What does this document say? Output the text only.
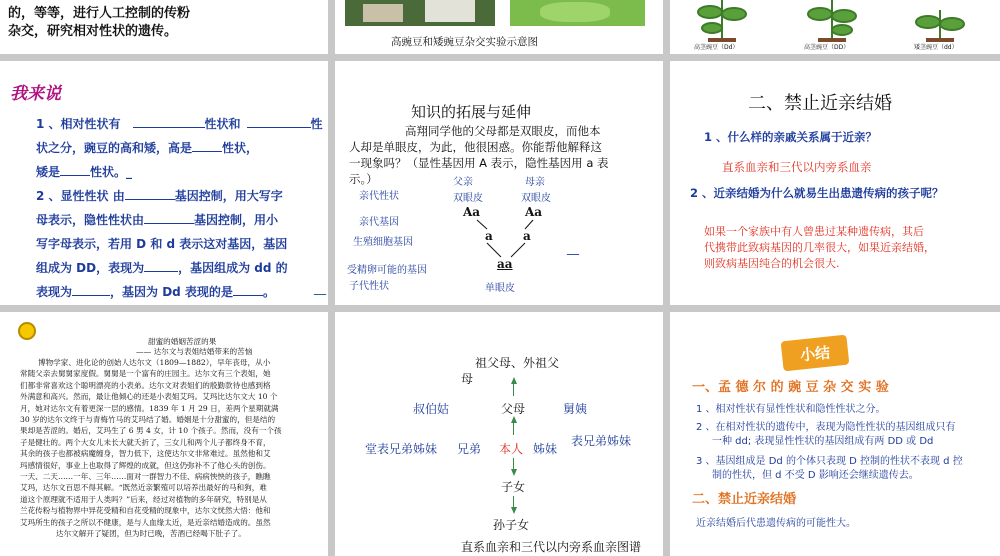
的，等等，进行人工控制的传粉
杂交，研究相对性状的遗传。
高豌豆和矮豌豆杂交实验示意图	高茎豌豆（Dd）	高茎豌豆（DD）	矮茎豌豆（dd）
我来说
1 、相对性状有	性状和	性
状之分，豌豆的高和矮，高是	性状，
矮是	性状。_
2 、显性性状 由	基因控制，用大写字
母表示，隐性性状由	基因控制，用小
写字母表示，若用 D 和 d 表示这对基因，基因
组成为 DD，表现为	，基因组成为 dd 的
表现为	，基因为 Dd 表现的是	。	__
知识的拓展与延伸
高翔同学他的父母都是双眼皮，而他本
人却是单眼皮，为此，他很困惑。你能帮他解释这
一现象吗？（显性基因用 A 表示，隐性基因用 a 表
示。）	父亲	母亲
亲代性状	双眼皮	双眼皮
亲代基因
Aa	Aa
生殖细胞基因	a	a
__
受精卵可能的基因	aa
子代性状	单眼皮
二、禁止近亲结婚
1 、什么样的亲戚关系属于近亲？
直系血亲和三代以内旁系血亲
2 、近亲结婚为什么就易生出患遗传病的孩子呢？
如果一个家族中有人曾患过某种遗传病，其后
代携带此致病基因的几率很大，如果近亲结婚，
则致病基因纯合的机会很大.
甜蜜的婚姻苦涩的果
—— 达尔文与表姐结婚带来的苦恼
博物学家、进化论的创始人达尔文（1809—1882），早年丧母，从小
常随父亲去舅舅家度假。舅舅是一个富有的庄园主。达尔文有三个表姐，她
们都非常喜欢这个聪明漂亮的小表弟。达尔文对表姐们的殷勤款待也感到格
外满意和高兴。然而，最让他倾心的还是小表姐艾玛。艾玛比达尔文大 10 个
月，她对达尔文有着更深一层的感情。1839 年 1 月 29 日，差两个星期就满
30 岁的达尔文终于与青梅竹马的艾玛结了婚。婚姻是十分甜蜜的，但是结的
果却是苦涩的。婚后，艾玛生了 6 男 4 女，计 10 个孩子。然而，没有一个孩
子是健壮的。两个大女儿未长大就夭折了，三女儿和两个儿子都终身不育，
其余的孩子也都被病魔缠身，智力低下，这使达尔文非常难过。虽然他和艾
玛感情很好，事业上也取得了辉煌的成就，但这仍弥补不了他心头的创伤。
一天、二天……一年、三年……面对一群智力不佳、病病怏怏的孩子，瞧瞧
艾玛，达尔文百思不得其解。“既然近亲繁殖可以培养出最好的马和狗，难
道这个原理就不适用于人类吗？”后来，经过对植物的多年研究，特别是从
兰花传粉与植物界中异花受精和自花受精的现象中，达尔文恍然大悟：他和
艾玛所生的孩子之所以不健康，是与人血缘太近，是近亲结婚造成的。虽然
达尔文解开了疑团，但为时已晚，苦酒已经喝下肚子了。
祖父母、外祖父
母
叔伯姑	父母	舅姨
堂表兄弟姊妹 兄弟 本人 姊妹
表兄弟姊妹
子女
孙子女
直系血亲和三代以内旁系血亲图谱
小结
一、孟 德 尔 的 豌 豆 杂 交 实 验
1 、相对性状有显性性状和隐性性状之分。
2 、在相对性状的遗传中，表现为隐性性状的基因组成只有
一种 dd; 表现显性性状的基因组成有两 DD 或 Dd
3 、基因组成是 Dd 的个体只表现 D 控制的性状不表现 d 控
制的性状，但 d 不受 D 影响还会继续遗传去。
二、禁止近亲结婚
近亲结婚后代患遗传病的可能性大。
